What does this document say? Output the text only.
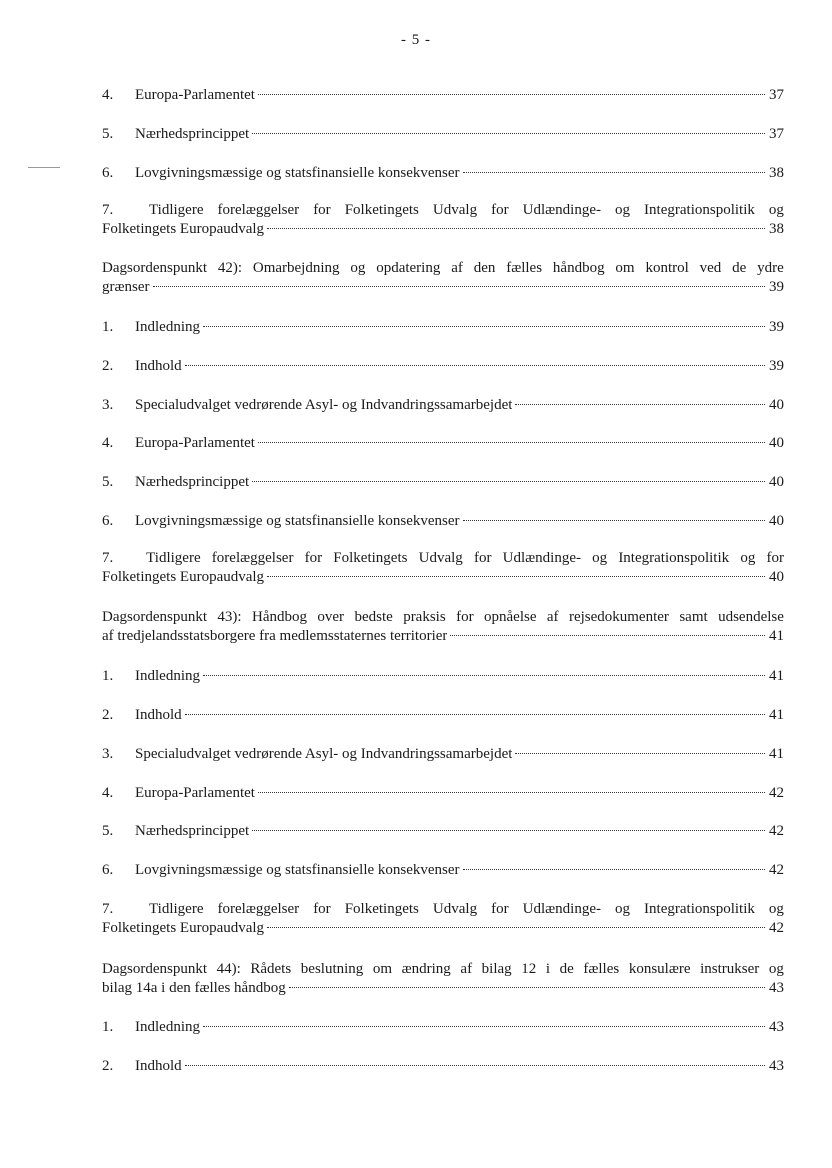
- 5 -
4.	Europa-Parlamentet	37
5.	Nærhedsprincippet	37
6.	Lovgivningsmæssige og statsfinansielle konsekvenser	38
7.	Tidligere forelæggelser for Folketingets Udvalg for Udlændinge- og Integrationspolitik og
Folketingets Europaudvalg	38
Dagsordenspunkt 42): Omarbejdning og opdatering af den fælles håndbog om kontrol ved de ydre
grænser	39
1.	Indledning	39
2.	Indhold	39
3.	Specialudvalget vedrørende Asyl- og Indvandringssamarbejdet	40
4.	Europa-Parlamentet	40
5.	Nærhedsprincippet	40
6.	Lovgivningsmæssige og statsfinansielle konsekvenser	40
7.	Tidligere forelæggelser for Folketingets Udvalg for Udlændinge- og Integrationspolitik og for
Folketingets Europaudvalg	40
Dagsordenspunkt 43): Håndbog over bedste praksis for opnåelse af rejsedokumenter samt udsendelse
af tredjelandsstatsborgere fra medlemsstaternes territorier	41
1.	Indledning	41
2.	Indhold	41
3.	Specialudvalget vedrørende Asyl- og Indvandringssamarbejdet	41
4.	Europa-Parlamentet	42
5.	Nærhedsprincippet	42
6.	Lovgivningsmæssige og statsfinansielle konsekvenser	42
7.	Tidligere forelæggelser for Folketingets Udvalg for Udlændinge- og Integrationspolitik og
Folketingets Europaudvalg	42
Dagsordenspunkt 44): Rådets beslutning om ændring af bilag 12 i de fælles konsulære instrukser og
bilag 14a i den fælles håndbog	43
1.	Indledning	43
2.	Indhold	43
